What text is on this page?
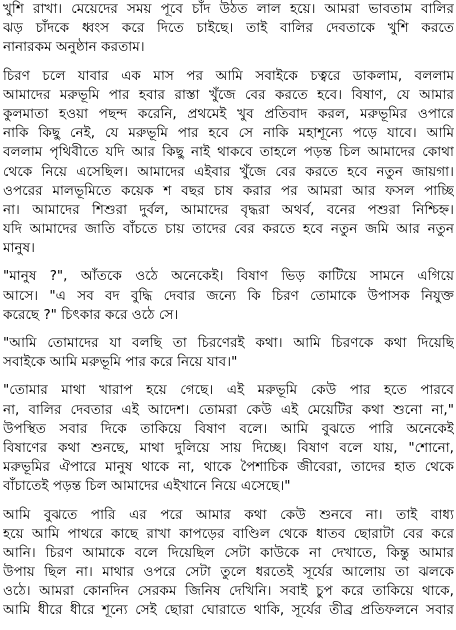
খুশি রাখা। মেয়েদের সময় পূবে চাঁদ উঠত লাল হয়ে। আমরা ভাবতাম বালির
ঝড় চাঁদকে ধ্বংস করে দিতে চাইছে। তাই বালির দেবতাকে খুশি করতে
নানারকম অনুষ্ঠান করতাম।
চিরণ চলে যাবার এক মাস পর আমি সবাইকে চত্বরে ডাকলাম, বললাম
আমাদের মরুভূমি পার হবার রাস্তা খুঁজে বের করতে হবে। বিষাণ, যে আমার
কুলমাতা হওয়া পছন্দ করেনি, প্রথমেই খুব প্রতিবাদ করল, মরুভূমির ওপারে
নাকি কিছু নেই, যে মরুভূমি পার হবে সে নাকি মহাশূন্যে পড়ে যাবে। আমি
বললাম পৃথিবীতে যদি আর কিছু নাই থাকবে তাহলে পড়ন্ত চিল আমাদের কোথা
থেকে নিয়ে এসেছিল। আমাদের এইবার খুঁজে বের করতে হবে নতুন জায়গা।
ওপরের মালভূমিতে কয়েক শ বছর চাষ করার পর আমরা আর ফসল পাচ্ছি
না। আমাদের শিশুরা দুর্বল, আমাদের বৃদ্ধরা অথর্ব, বনের পশুরা নিশ্চিহ্ন।
যদি আমাদের জাতি বাঁচতে চায় তাদের বের করতে হবে নতুন জমি আর নতুন
মানুষ।
"মানুষ ?", আঁতকে ওঠে অনেকেই। বিষাণ ভিড় কাটিয়ে সামনে এগিয়ে
আসে। "এ সব বদ বুদ্ধি দেবার জন্যে কি চিরণ তোমাকে উপাসক নিযুক্ত
করেছে ?" চিৎকার করে ওঠে সে।
"আমি তোমাদের যা বলছি তা চিরণেরই কথা। আমি চিরণকে কথা দিয়েছি
সবাইকে আমি মরুভূমি পার করে নিয়ে যাব।"
"তোমার মাথা খারাপ হয়ে গেছে। এই মরুভূমি কেউ পার হতে পারবে
না, বালির দেবতার এই আদেশ। তোমরা কেউ এই মেয়েটির কথা শুনো না,"
উপস্থিত সবার দিকে তাকিয়ে বিষাণ বলে। আমি বুঝতে পারি অনেকেই
বিষাণের কথা শুনছে, মাথা দুলিয়ে সায় দিচ্ছে। বিষাণ বলে যায়, "শোনো,
মরুভূমির ঐপারে মানুষ থাকে না, থাকে পৈশাচিক জীবেরা, তাদের হাত থেকে
বাঁচাতেই পড়ন্ত চিল আমাদের এইখানে নিয়ে এসেছে।"
আমি বুঝতে পারি এর পরে আমার কথা কেউ শুনবে না। তাই বাধ্য
হয়ে আমি পাথরে কাছে রাখা কাপড়ের বাণ্ডিল থেকে ধাতব ছোরাটা বের করে
আনি। চিরণ আমাকে বলে দিয়েছিল সেটা কাউকে না দেখাতে, কিন্তু আমার
উপায় ছিল না। মাথার ওপরে সেটা তুলে ধরতেই সূর্যের আলোয় তা ঝলকে
ওঠে। আমরা কোনদিন সেরকম জিনিষ দেখিনি। সবাই চুপ করে তাকিয়ে থাকে,
আমি ধীরে ধীরে শূন্যে সেই ছোরা ঘোরাতে থাকি, সূর্যের তীব্র প্রতিফলনে সবার
